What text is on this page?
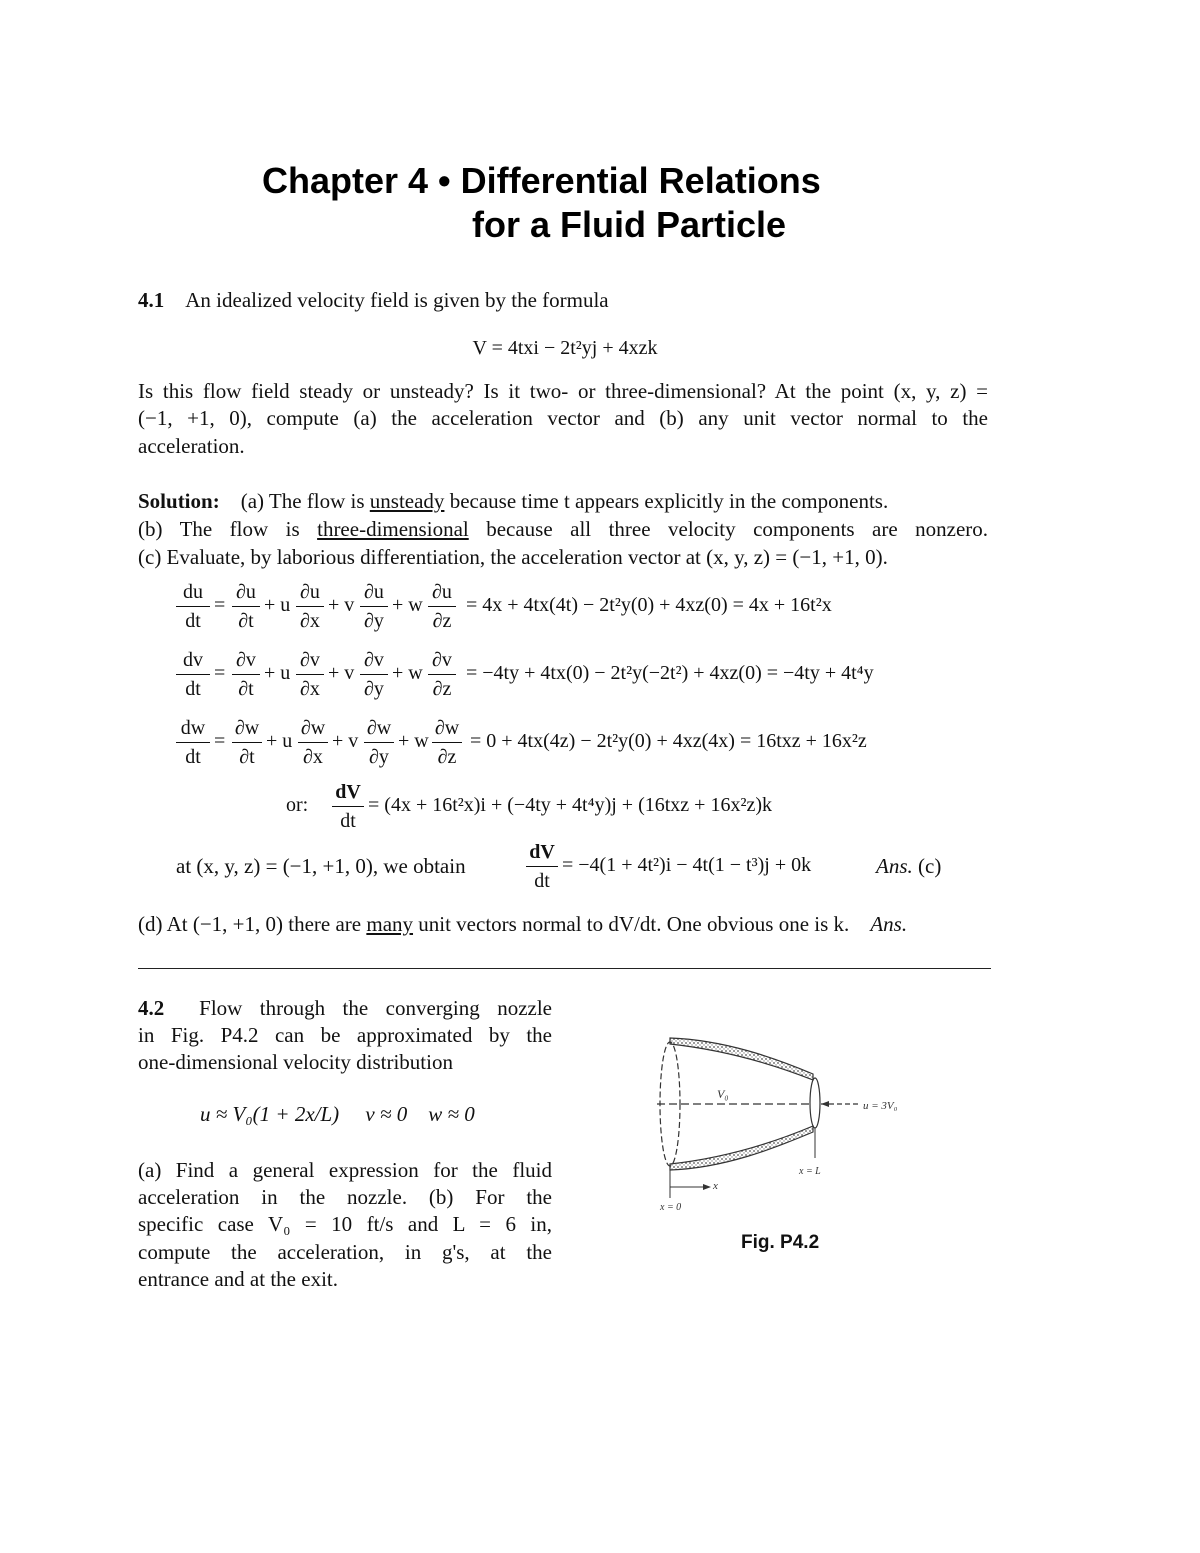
Chapter 4 • Differential Relations
for a Fluid Particle
4.1 An idealized velocity field is given by the formula
V = 4txi − 2t²yj + 4xzk
Is this flow field steady or unsteady? Is it two- or three-dimensional? At the point (x, y, z) =
(−1, +1, 0), compute (a) the acceleration vector and (b) any unit vector normal to the
acceleration.
Solution: (a) The flow is unsteady because time t appears explicitly in the components.
(b) The flow is three-dimensional because all three velocity components are nonzero.
(c) Evaluate, by laborious differentiation, the acceleration vector at (x, y, z) = (−1, +1, 0).
du
dt
=
∂u
∂t
+ u
∂u
∂x
+ v
∂u
∂y
+ w
∂u
∂z
= 4x + 4tx(4t) − 2t²y(0) + 4xz(0) = 4x + 16t²x
dv
dt
=
∂v
∂t
+ u
∂v
∂x
+ v
∂v
∂y
+ w
∂v
∂z
= −4ty + 4tx(0) − 2t²y(−2t²) + 4xz(0) = −4ty + 4t⁴y
dw
dt
=
∂w
∂t
+ u
∂w
∂x
+ v
∂w
∂y
+ w
∂w
∂z
= 0 + 4tx(4z) − 2t²y(0) + 4xz(4x) = 16txz + 16x²z
or:
dV
dt
= (4x + 16t²x)i + (−4ty + 4t⁴y)j + (16txz + 16x²z)k
at (x, y, z) = (−1, +1, 0), we obtain
dV
dt
= −4(1 + 4t²)i − 4t(1 − t³)j + 0k	Ans. (c)
(d) At (−1, +1, 0) there are many unit vectors normal to dV/dt. One obvious one is k. Ans.
4.2 Flow through the converging nozzle
in Fig. P4.2 can be approximated by the
one-dimensional velocity distribution
u ≈ V₀(1 + 2x/L) v ≈ 0 w ≈ 0
(a) Find a general expression for the fluid
acceleration in the nozzle. (b) For the
specific case V₀ = 10 ft/s and L = 6 in,
compute the acceleration, in g's, at the
entrance and at the exit.
u = 3V₀
V₀
x = L
x
x = 0
Fig. P4.2
